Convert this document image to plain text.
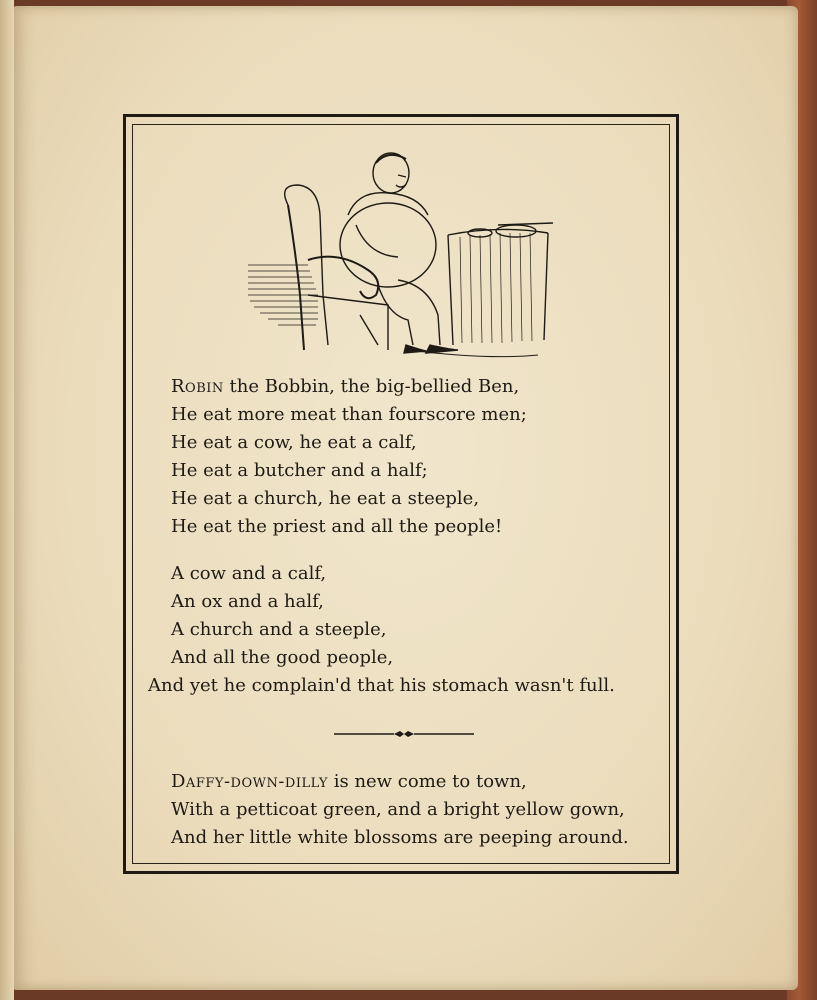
Robin the Bobbin, the big-bellied Ben,
He eat more meat than fourscore men;
He eat a cow, he eat a calf,
He eat a butcher and a half;
He eat a church, he eat a steeple,
He eat the priest and all the people!
A cow and a calf,
An ox and a half,
A church and a steeple,
And all the good people,
And yet he complain'd that his stomach wasn't full.
Daffy-down-dilly is new come to town,
With a petticoat green, and a bright yellow gown,
And her little white blossoms are peeping around.
